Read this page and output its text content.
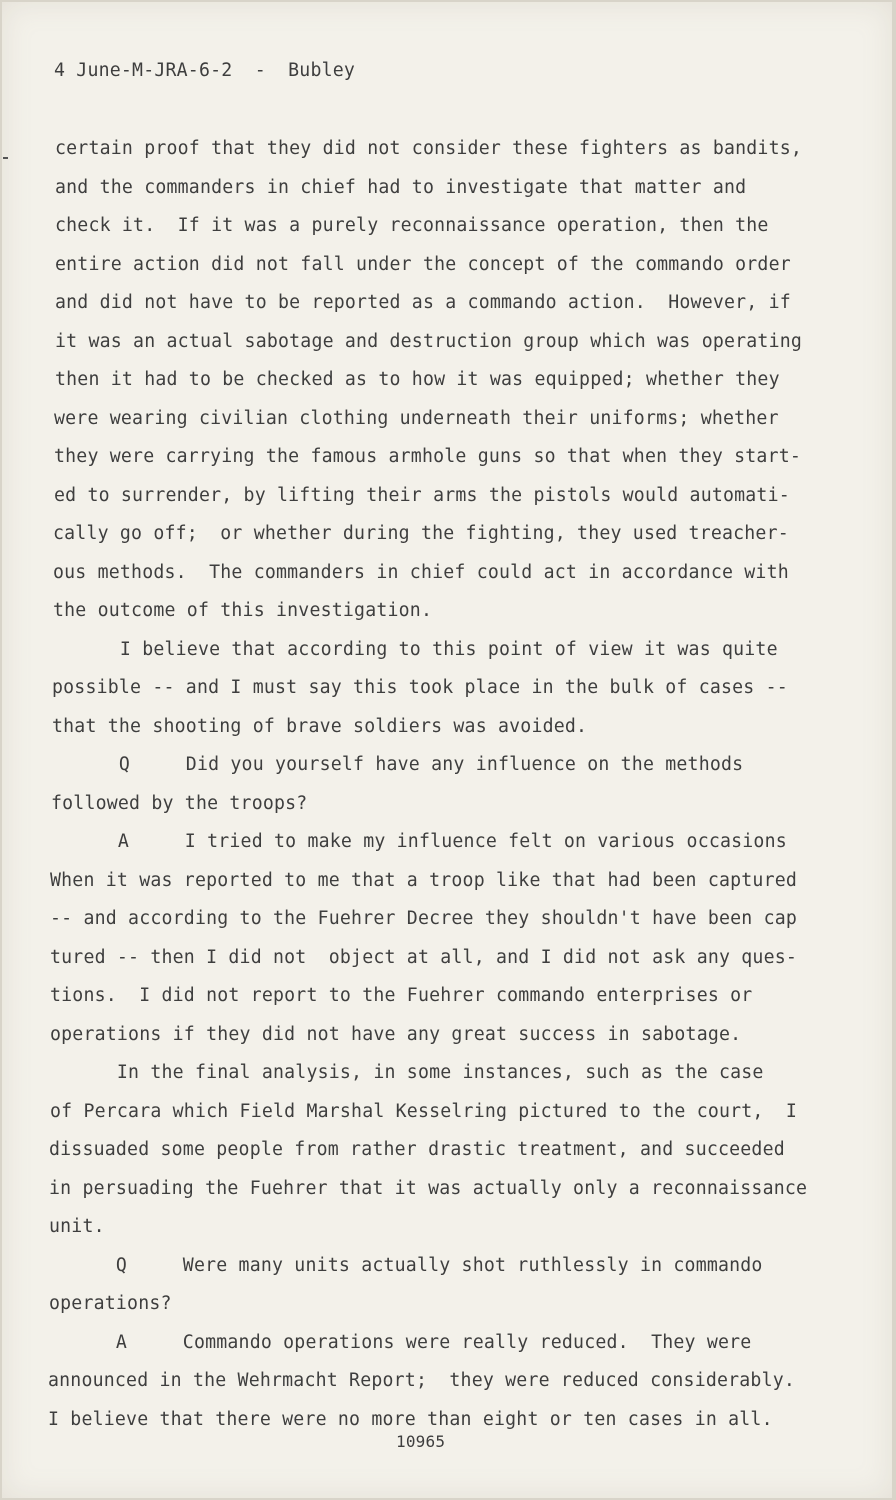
4 June-M-JRA-6-2  -  Bubley
certain proof that they did not consider these fighters as bandits,
and the commanders in chief had to investigate that matter and
check it.  If it was a purely reconnaissance operation, then the
entire action did not fall under the concept of the commando order
and did not have to be reported as a commando action.  However, if
it was an actual sabotage and destruction group which was operating
then it had to be checked as to how it was equipped; whether they
were wearing civilian clothing underneath their uniforms; whether
they were carrying the famous armhole guns so that when they start-
ed to surrender, by lifting their arms the pistols would automati-
cally go off;  or whether during the fighting, they used treacher-
ous methods.  The commanders in chief could act in accordance with
the outcome of this investigation.
I believe that according to this point of view it was quite
possible -- and I must say this took place in the bulk of cases --
that the shooting of brave soldiers was avoided.
Q     Did you yourself have any influence on the methods
followed by the troops?
A     I tried to make my influence felt on various occasions
When it was reported to me that a troop like that had been captured
-- and according to the Fuehrer Decree they shouldn't have been cap
tured -- then I did not  object at all, and I did not ask any ques-
tions.  I did not report to the Fuehrer commando enterprises or
operations if they did not have any great success in sabotage.
In the final analysis, in some instances, such as the case
of Percara which Field Marshal Kesselring pictured to the court,  I
dissuaded some people from rather drastic treatment, and succeeded
in persuading the Fuehrer that it was actually only a reconnaissance
unit.
Q     Were many units actually shot ruthlessly in commando
operations?
A     Commando operations were really reduced.  They were
announced in the Wehrmacht Report;  they were reduced considerably.
I believe that there were no more than eight or ten cases in all.
10965
